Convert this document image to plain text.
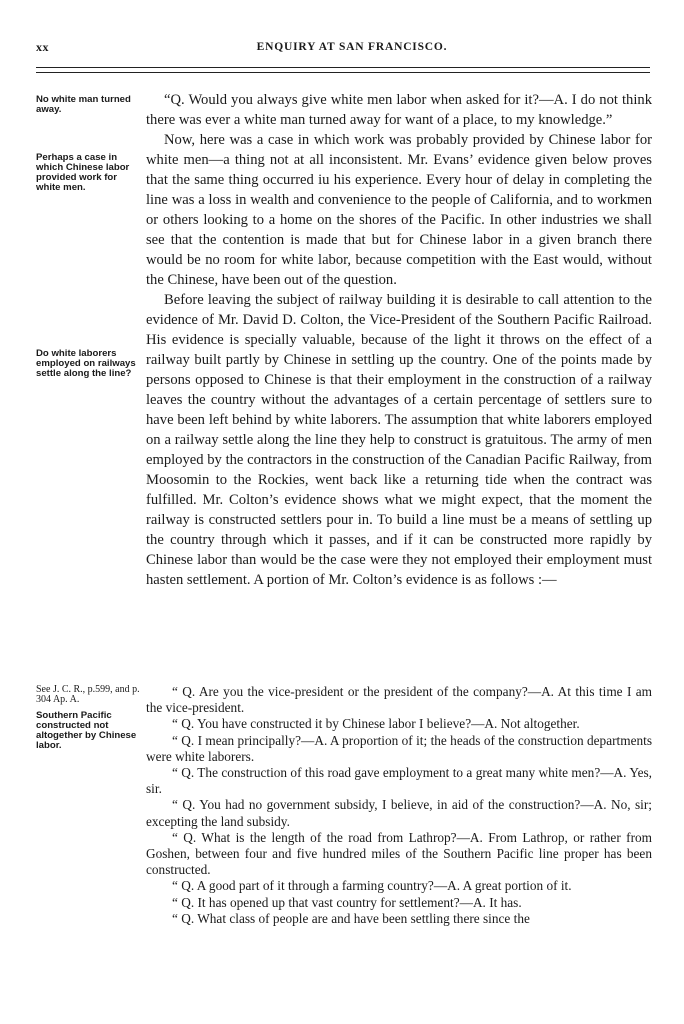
xx	ENQUIRY AT SAN FRANCISCO.
No white man turned away.
Perhaps a case in which Chinese labor provided work for white men.
Do white laborers employed on railways settle along the line?
See J. C. R., p.599, and p. 304 Ap. A.
Southern Pacific constructed not altogether by Chinese labor.

“Q. Would you always give white men labor when asked for it?—A. I do not think there was ever a white man turned away for want of a place, to my knowledge.”

Now, here was a case in which work was probably provided by Chinese labor for white men—a thing not at all inconsistent. Mr. Evans’ evidence given below proves that the same thing occurred iu his experience. Every hour of delay in completing the line was a loss in wealth and convenience to the people of California, and to workmen or others looking to a home on the shores of the Pacific. In other industries we shall see that the contention is made that but for Chinese labor in a given branch there would be no room for white labor, because competition with the East would, without the Chinese, have been out of the question.

Before leaving the subject of railway building it is desirable to call attention to the evidence of Mr. David D. Colton, the Vice-President of the Southern Pacific Railroad. His evidence is specially valuable, because of the light it throws on the effect of a railway built partly by Chinese in settling up the country. One of the points made by persons opposed to Chinese is that their employment in the construction of a railway leaves the country without the advantages of a certain percentage of settlers sure to have been left behind by white laborers. The assumption that white laborers employed on a railway settle along the line they help to construct is gratuitous. The army of men employed by the contractors in the construction of the Canadian Pacific Railway, from Moosomin to the Rockies, went back like a returning tide when the contract was fulfilled. Mr. Colton’s evidence shows what we might expect, that the moment the railway is constructed settlers pour in. To build a line must be a means of settling up the country through which it passes, and if it can be constructed more rapidly by Chinese labor than would be the case were they not employed their employment must hasten settlement. A portion of Mr. Colton’s evidence is as follows :—

“ Q. Are you the vice-president or the president of the company?—A. At this time I am the vice-president.

“ Q. You have constructed it by Chinese labor I believe?—A. Not altogether.

“ Q. I mean principally?—A. A proportion of it; the heads of the construction departments were white laborers.

“ Q. The construction of this road gave employment to a great many white men?—A. Yes, sir.

“ Q. You had no government subsidy, I believe, in aid of the construction?—A. No, sir; excepting the land subsidy.

“ Q. What is the length of the road from Lathrop?—A. From Lathrop, or rather from Goshen, between four and five hundred miles of the Southern Pacific line proper has been constructed.

“ Q. A good part of it through a farming country?—A. A great portion of it.

“ Q. It has opened up that vast country for settlement?—A. It has.

“ Q. What class of people are and have been settling there since the
